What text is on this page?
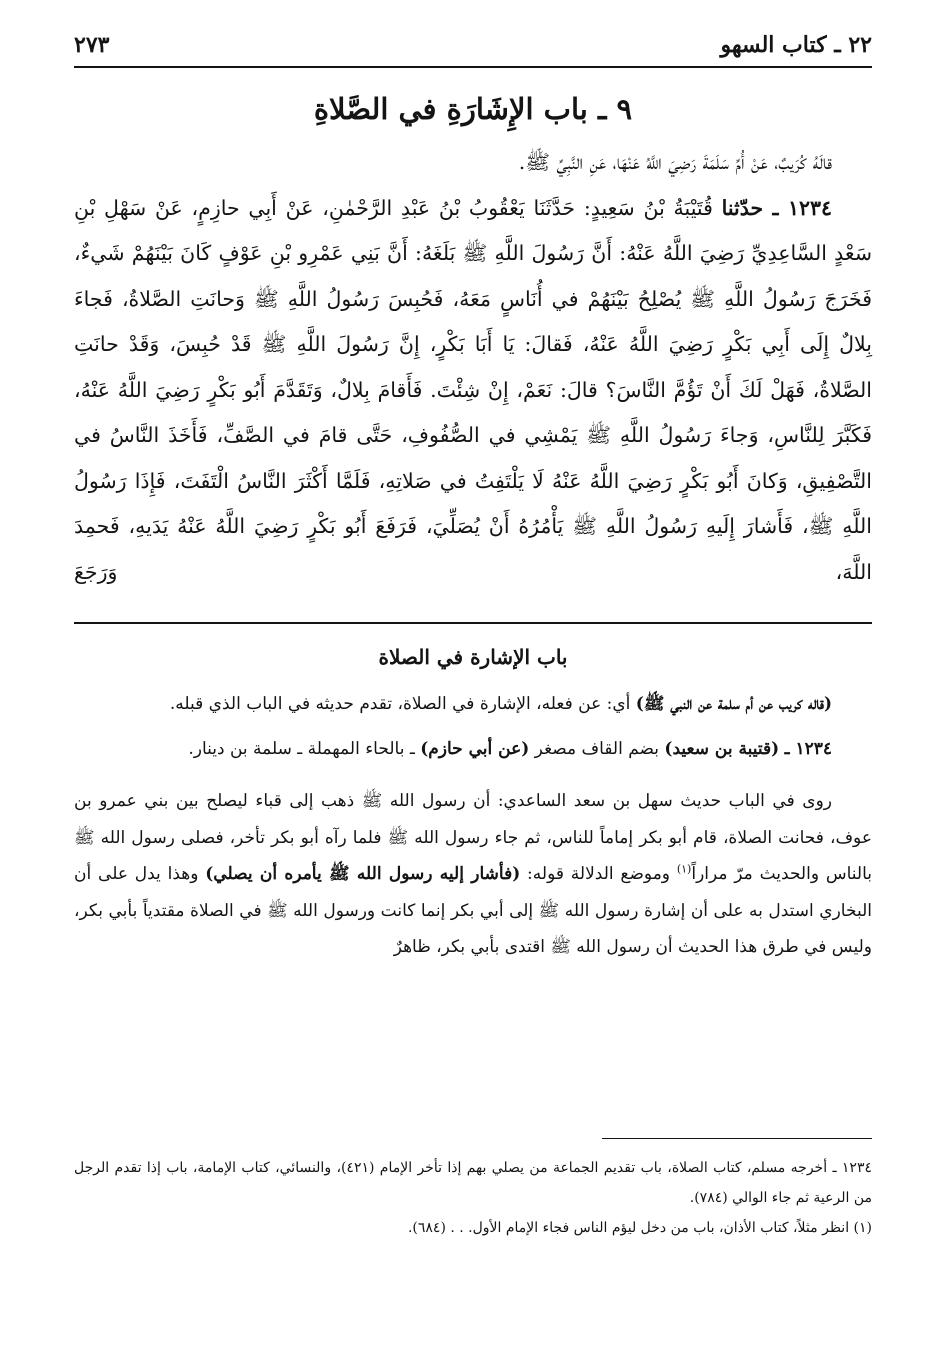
٢٢ ـ كتاب السهو
٢٧٣
٩ ـ باب الإِشَارَةِ في الصَّلاةِ

قالَهُ كُرَيبٌ، عَنْ أُمِّ سَلَمَةَ رَضِيَ اللَّهُ عَنْهَا، عَنِ النَّبِيِّ ﷺ.

١٢٣٤ ـ حدّثنا قُتَيْبَةُ بْنُ سَعِيدٍ: حَدَّثَنَا يَعْقُوبُ بْنُ عَبْدِ الرَّحْمٰنِ، عَنْ أَبِي حازِمٍ، عَنْ سَهْلِ بْنِ سَعْدٍ السَّاعِدِيِّ رَضِيَ اللَّهُ عَنْهُ: أَنَّ رَسُولَ اللَّهِ ﷺ بَلَغَهُ: أَنَّ بَنِي عَمْرِو بْنِ عَوْفٍ كَانَ بَيْنَهُمْ شَيءٌ، فَخَرَجَ رَسُولُ اللَّهِ ﷺ يُصْلِحُ بَيْنَهُمْ في أُنَاسٍ مَعَهُ، فَحُبِسَ رَسُولُ اللَّهِ ﷺ وَحانَتِ الصَّلاةُ، فَجاءَ بِلالٌ إِلَى أَبِي بَكْرٍ رَضِيَ اللَّهُ عَنْهُ، فَقالَ: يَا أَبَا بَكْرٍ، إِنَّ رَسُولَ اللَّهِ ﷺ قَدْ حُبِسَ، وَقَدْ حانَتِ الصَّلاةُ، فَهَلْ لَكَ أَنْ تَؤُمَّ النَّاسَ؟ قالَ: نَعَمْ، إِنْ شِئْتَ. فَأَقامَ بِلالٌ، وَتَقَدَّمَ أَبُو بَكْرٍ رَضِيَ اللَّهُ عَنْهُ، فَكَبَّرَ لِلنَّاسِ، وَجاءَ رَسُولُ اللَّهِ ﷺ يَمْشِي في الصُّفُوفِ، حَتَّى قامَ في الصَّفِّ، فَأَخَذَ النَّاسُ في التَّصْفِيقِ، وَكانَ أَبُو بَكْرٍ رَضِيَ اللَّهُ عَنْهُ لَا يَلْتَفِتُ في صَلاتِهِ، فَلَمَّا أَكْثَرَ النَّاسُ الْتَفَتَ، فَإِذَا رَسُولُ اللَّهِ ﷺ، فَأَشارَ إِلَيهِ رَسُولُ اللَّهِ ﷺ يَأْمُرُهُ أَنْ يُصَلِّيَ، فَرَفَعَ أَبُو بَكْرٍ رَضِيَ اللَّهُ عَنْهُ يَدَيهِ، فَحمِدَ اللَّهَ، وَرَجَعَ

باب الإشارة في الصلاة

(قاله كريب عن أم سلمة عن النبي ﷺ) أي: عن فعله، الإشارة في الصلاة، تقدم حديثه في الباب الذي قبله.

١٢٣٤ ـ (قتيبة بن سعيد) بضم القاف مصغر (عن أبي حازم) ـ بالحاء المهملة ـ سلمة بن دينار.

روى في الباب حديث سهل بن سعد الساعدي: أن رسول الله ﷺ ذهب إلى قباء ليصلح بين بني عمرو بن عوف، فحانت الصلاة، قام أبو بكر إماماً للناس، ثم جاء رسول الله ﷺ فلما رآه أبو بكر تأخر، فصلى رسول الله ﷺ بالناس والحديث مرّ مراراً$^{(١)}$ وموضع الدلالة قوله: (فأشار إليه رسول الله ﷺ يأمره أن يصلي) وهذا يدل على أن البخاري استدل به على أن إشارة رسول الله ﷺ إلى أبي بكر إنما كانت ورسول الله ﷺ في الصلاة مقتدياً بأبي بكر، وليس في طرق هذا الحديث أن رسول الله ﷺ اقتدى بأبي بكر، ظاهرٌ

١٢٣٤ ـ أخرجه مسلم، كتاب الصلاة، باب تقديم الجماعة من يصلي بهم إذا تأخر الإمام (٤٢١)، والنسائي، كتاب الإمامة، باب إذا تقدم الرجل من الرعية ثم جاء الوالي (٧٨٤).

(١) انظر مثلاً، كتاب الأذان، باب من دخل ليؤم الناس فجاء الإمام الأول. . . (٦٨٤).
